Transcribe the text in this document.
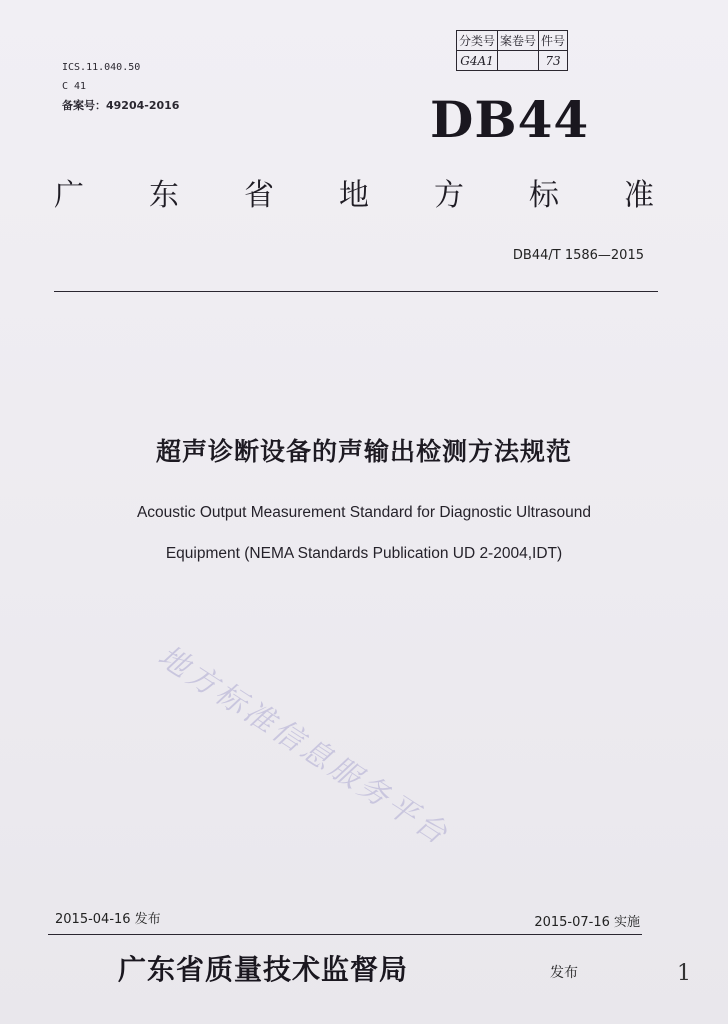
ICS.11.040.50
C 41
备案号：49204-2016
分类号	案卷号	件号
G4A1		73
DB44
广 东 省 地 方 标 准
DB44/T 1586—2015
超声诊断设备的声输出检测方法规范
Acoustic Output Measurement Standard for Diagnostic Ultrasound
Equipment (NEMA Standards Publication UD 2-2004,IDT)
地方标准信息服务平台
2015-04-16 发布	2015-07-16 实施
广东省质量技术监督局	发布	1
